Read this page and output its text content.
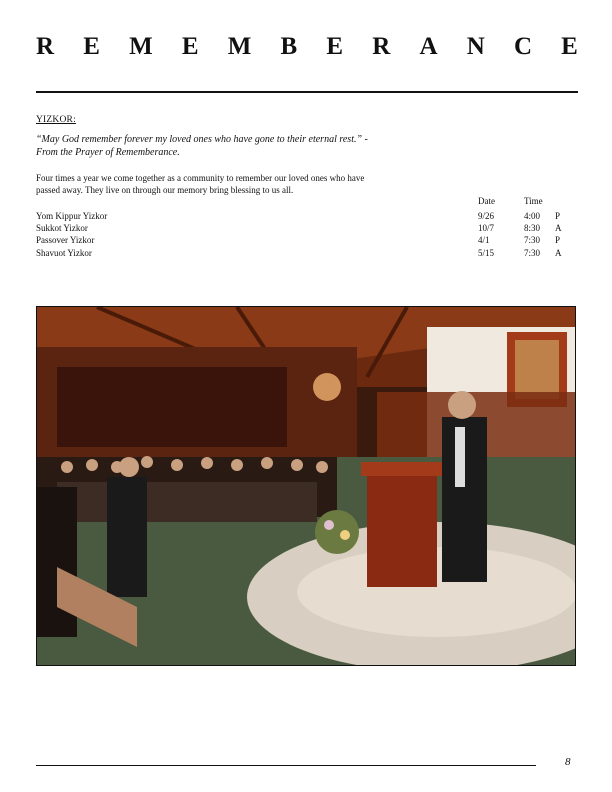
R E M E M B E R A N C E
YIZKOR:
“May God remember forever my loved ones who have gone to their eternal rest.” - From the Prayer of Rememberance.
Four times a year we come together as a community to remember our loved ones who have passed away. They live on through our memory bring blessing to us all.
Date	Time
Yom Kippur Yizkor	9/26	4:00 P
Sukkot Yizkor	10/7	8:30 A
Passover Yizkor	4/1	7:30 P
Shavuot Yizkor	5/15	7:30 A
8
